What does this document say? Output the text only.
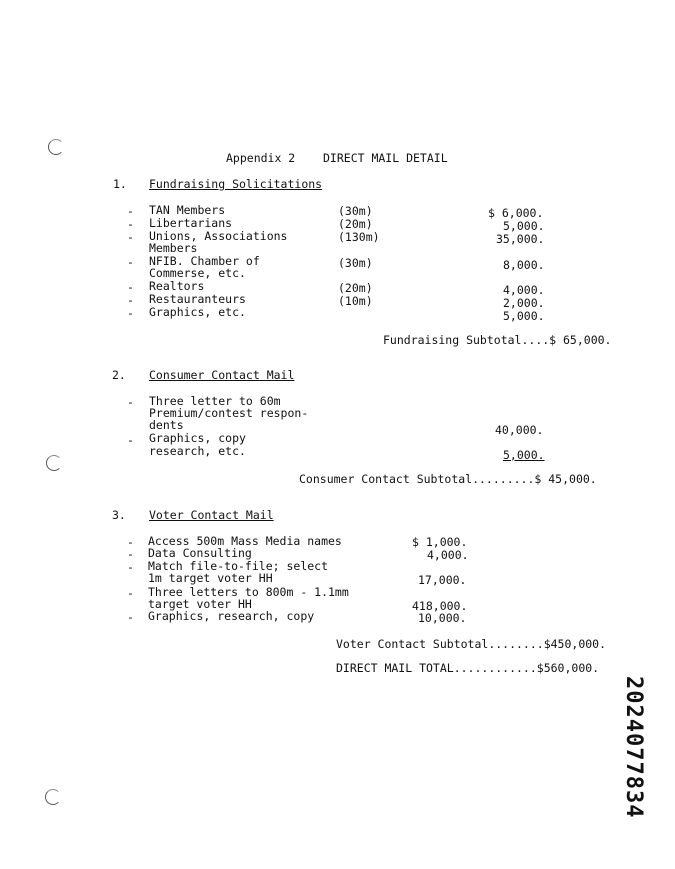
Appendix 2 DIRECT MAIL DETAIL
1. Fundraising Solicitations
- TAN Members	(30m)	$ 6,000.
- Libertarians	(20m)	5,000.
- Unions, Associations
Members
(130m)	35,000.
- NFIB. Chamber of
Commerse, etc.
(30m)	8,000.
- Realtors	(20m)	4,000.
- Restauranteurs	(10m)	2,000.
- Graphics, etc.	5,000.
Fundraising Subtotal....$ 65,000.
2. Consumer Contact Mail
- Three letter to 60m
Premium/contest respon-
dents	40,000.
- Graphics, copy
research, etc.	5,000.
Consumer Contact Subtotal.........$ 45,000.
3. Voter Contact Mail
- Access 500m Mass Media names	$ 1,000.
- Data Consulting	4,000.
- Match file-to-file; select
1m target voter HH	17,000.
- Three letters to 800m - 1.1mm
target voter HH	418,000.
- Graphics, research, copy	10,000.
Voter Contact Subtotal........$450,000.
DIRECT MAIL TOTAL............$560,000.
2024077834
